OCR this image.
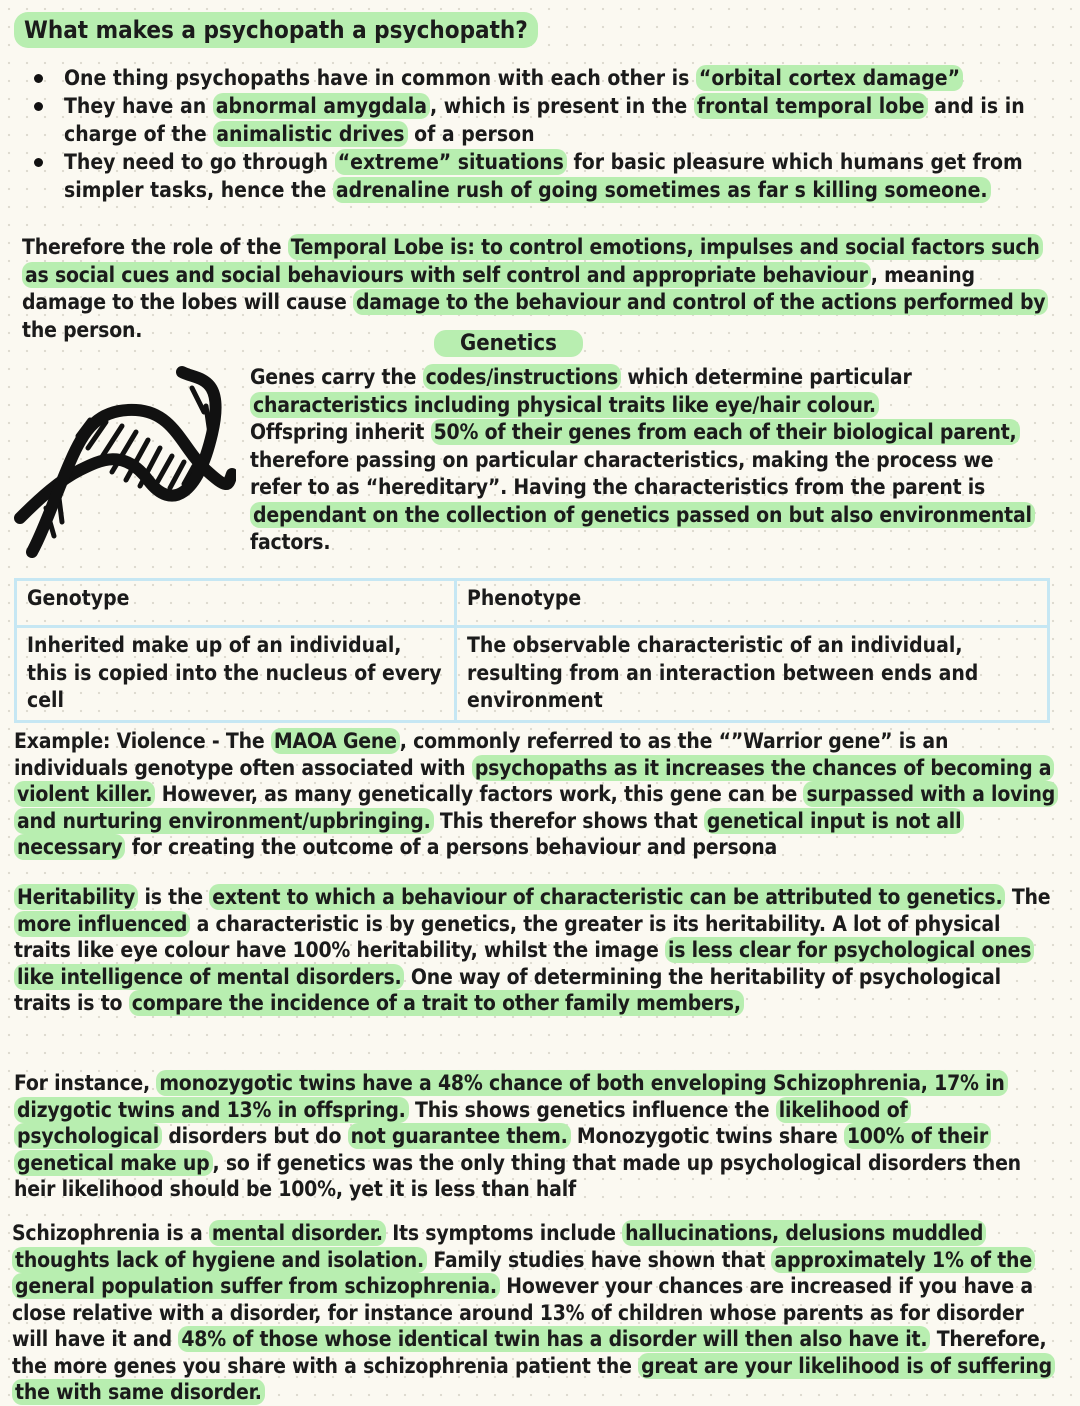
What makes a psychopath a psychopath?
One thing psychopaths have in common with each other is “orbital cortex damage”
They have an abnormal amygdala , which is present in the frontal temporal lobe and is in charge of the animalistic drives of a person
They need to go through “extreme” situations for basic pleasure which humans get from simpler tasks, hence the adrenaline rush of going sometimes as far s killing someone.

Therefore the role of the Temporal Lobe is: to control emotions, impulses and social factors such as social cues and social behaviours with self control and appropriate behaviour , meaning damage to the lobes will cause damage to the behaviour and control of the actions performed by the person.

Genetics

Genes carry the codes/instructions which determine particular characteristics including physical traits like eye/hair colour.
Offspring inherit 50% of their genes from each of their biological parent, therefore passing on particular characteristics, making the process we refer to as “hereditary”. Having the characteristics from the parent is dependant on the collection of genetics passed on but also environmental factors.

Genotype	Phenotype
Inherited make up of an individual, this is copied into the nucleus of every cell	The observable characteristic of an individual, resulting from an interaction between ends and environment

Example: Violence - The MAOA Gene , commonly referred to as the “”Warrior gene” is an individuals genotype often associated with psychopaths as it increases the chances of becoming a violent killer. However, as many genetically factors work, this gene can be surpassed with a loving and nurturing environment/upbringing. This therefor shows that genetical input is not all necessary for creating the outcome of a persons behaviour and persona

Heritability is the extent to which a behaviour of characteristic can be attributed to genetics. The more influenced a characteristic is by genetics, the greater is its heritability. A lot of physical traits like eye colour have 100% heritability, whilst the image is less clear for psychological ones like intelligence of mental disorders. One way of determining the heritability of psychological traits is to compare the incidence of a trait to other family members,

For instance, monozygotic twins have a 48% chance of both enveloping Schizophrenia, 17% in dizygotic twins and 13% in offspring. This shows genetics influence the likelihood of psychological disorders but do not guarantee them. Monozygotic twins share 100% of their genetical make up , so if genetics was the only thing that made up psychological disorders then heir likelihood should be 100%, yet it is less than half

Schizophrenia is a mental disorder. Its symptoms include hallucinations, delusions muddled thoughts lack of hygiene and isolation. Family studies have shown that approximately 1% of the general population suffer from schizophrenia. However your chances are increased if you have a close relative with a disorder, for instance around 13% of children whose parents as for disorder will have it and 48% of those whose identical twin has a disorder will then also have it. Therefore, the more genes you share with a schizophrenia patient the great are your likelihood is of suffering the with same disorder.
